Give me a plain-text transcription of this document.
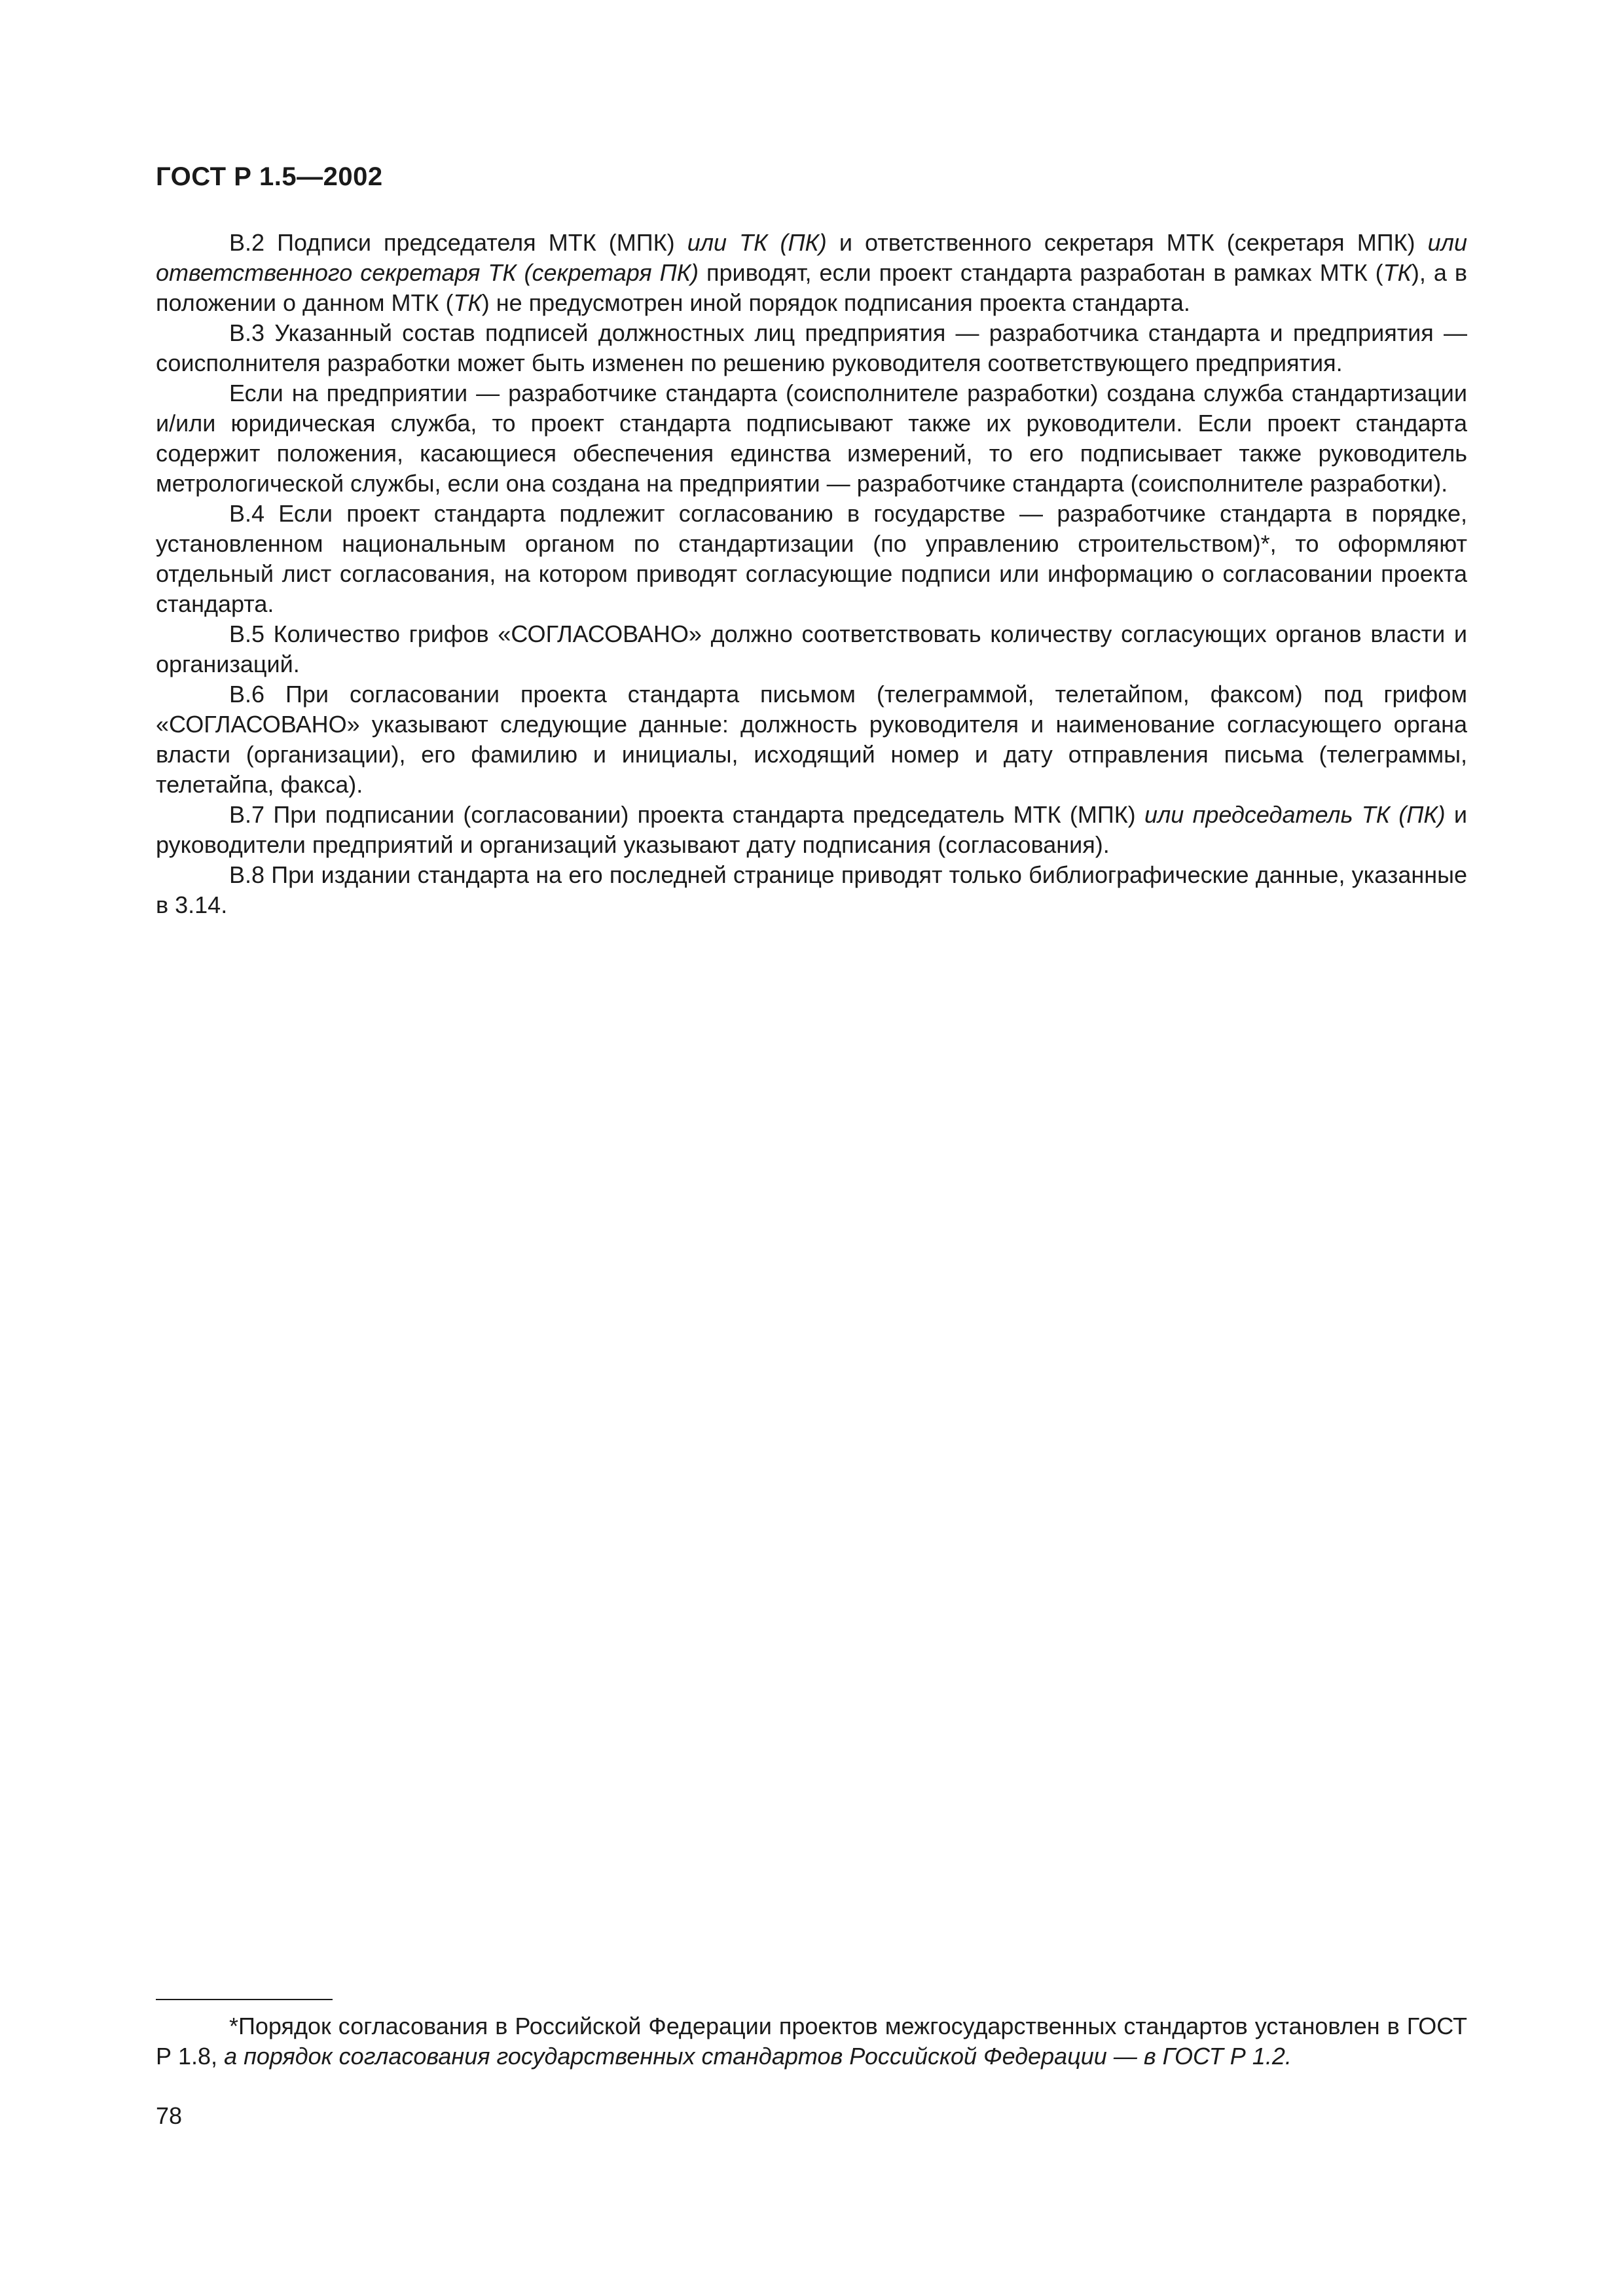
ГОСТ Р 1.5—2002

В.2 Подписи председателя МТК (МПК) или ТК (ПК) и ответственного секретаря МТК (секретаря МПК) или ответственного секретаря ТК (секретаря ПК) приводят, если проект стандарта разработан в рамках МТК (ТК), а в положении о данном МТК (ТК) не предусмотрен иной порядок подписания проекта стандарта.

В.3 Указанный состав подписей должностных лиц предприятия — разработчика стандарта и предприятия — соисполнителя разработки может быть изменен по решению руководителя соответствующего предприятия.

Если на предприятии — разработчике стандарта (соисполнителе разработки) создана служба стандартизации и/или юридическая служба, то проект стандарта подписывают также их руководители. Если проект стандарта содержит положения, касающиеся обеспечения единства измерений, то его подписывает также руководитель метрологической службы, если она создана на предприятии — разработчике стандарта (соисполнителе разработки).

В.4 Если проект стандарта подлежит согласованию в государстве — разработчике стандарта в порядке, установленном национальным органом по стандартизации (по управлению строительством)*, то оформляют отдельный лист согласования, на котором приводят согласующие подписи или информацию о согласовании проекта стандарта.

В.5 Количество грифов «СОГЛАСОВАНО» должно соответствовать количеству согласующих органов власти и организаций.

В.6 При согласовании проекта стандарта письмом (телеграммой, телетайпом, факсом) под грифом «СОГЛАСОВАНО» указывают следующие данные: должность руководителя и наименование согласующего органа власти (организации), его фамилию и инициалы, исходящий номер и дату отправления письма (телеграммы, телетайпа, факса).

В.7 При подписании (согласовании) проекта стандарта председатель МТК (МПК) или председатель ТК (ПК) и руководители предприятий и организаций указывают дату подписания (согласования).

В.8 При издании стандарта на его последней странице приводят только библиографические данные, указанные в 3.14.

*Порядок согласования в Российской Федерации проектов межгосударственных стандартов установлен в ГОСТ Р 1.8, а порядок согласования государственных стандартов Российской Федерации — в ГОСТ Р 1.2.

78
